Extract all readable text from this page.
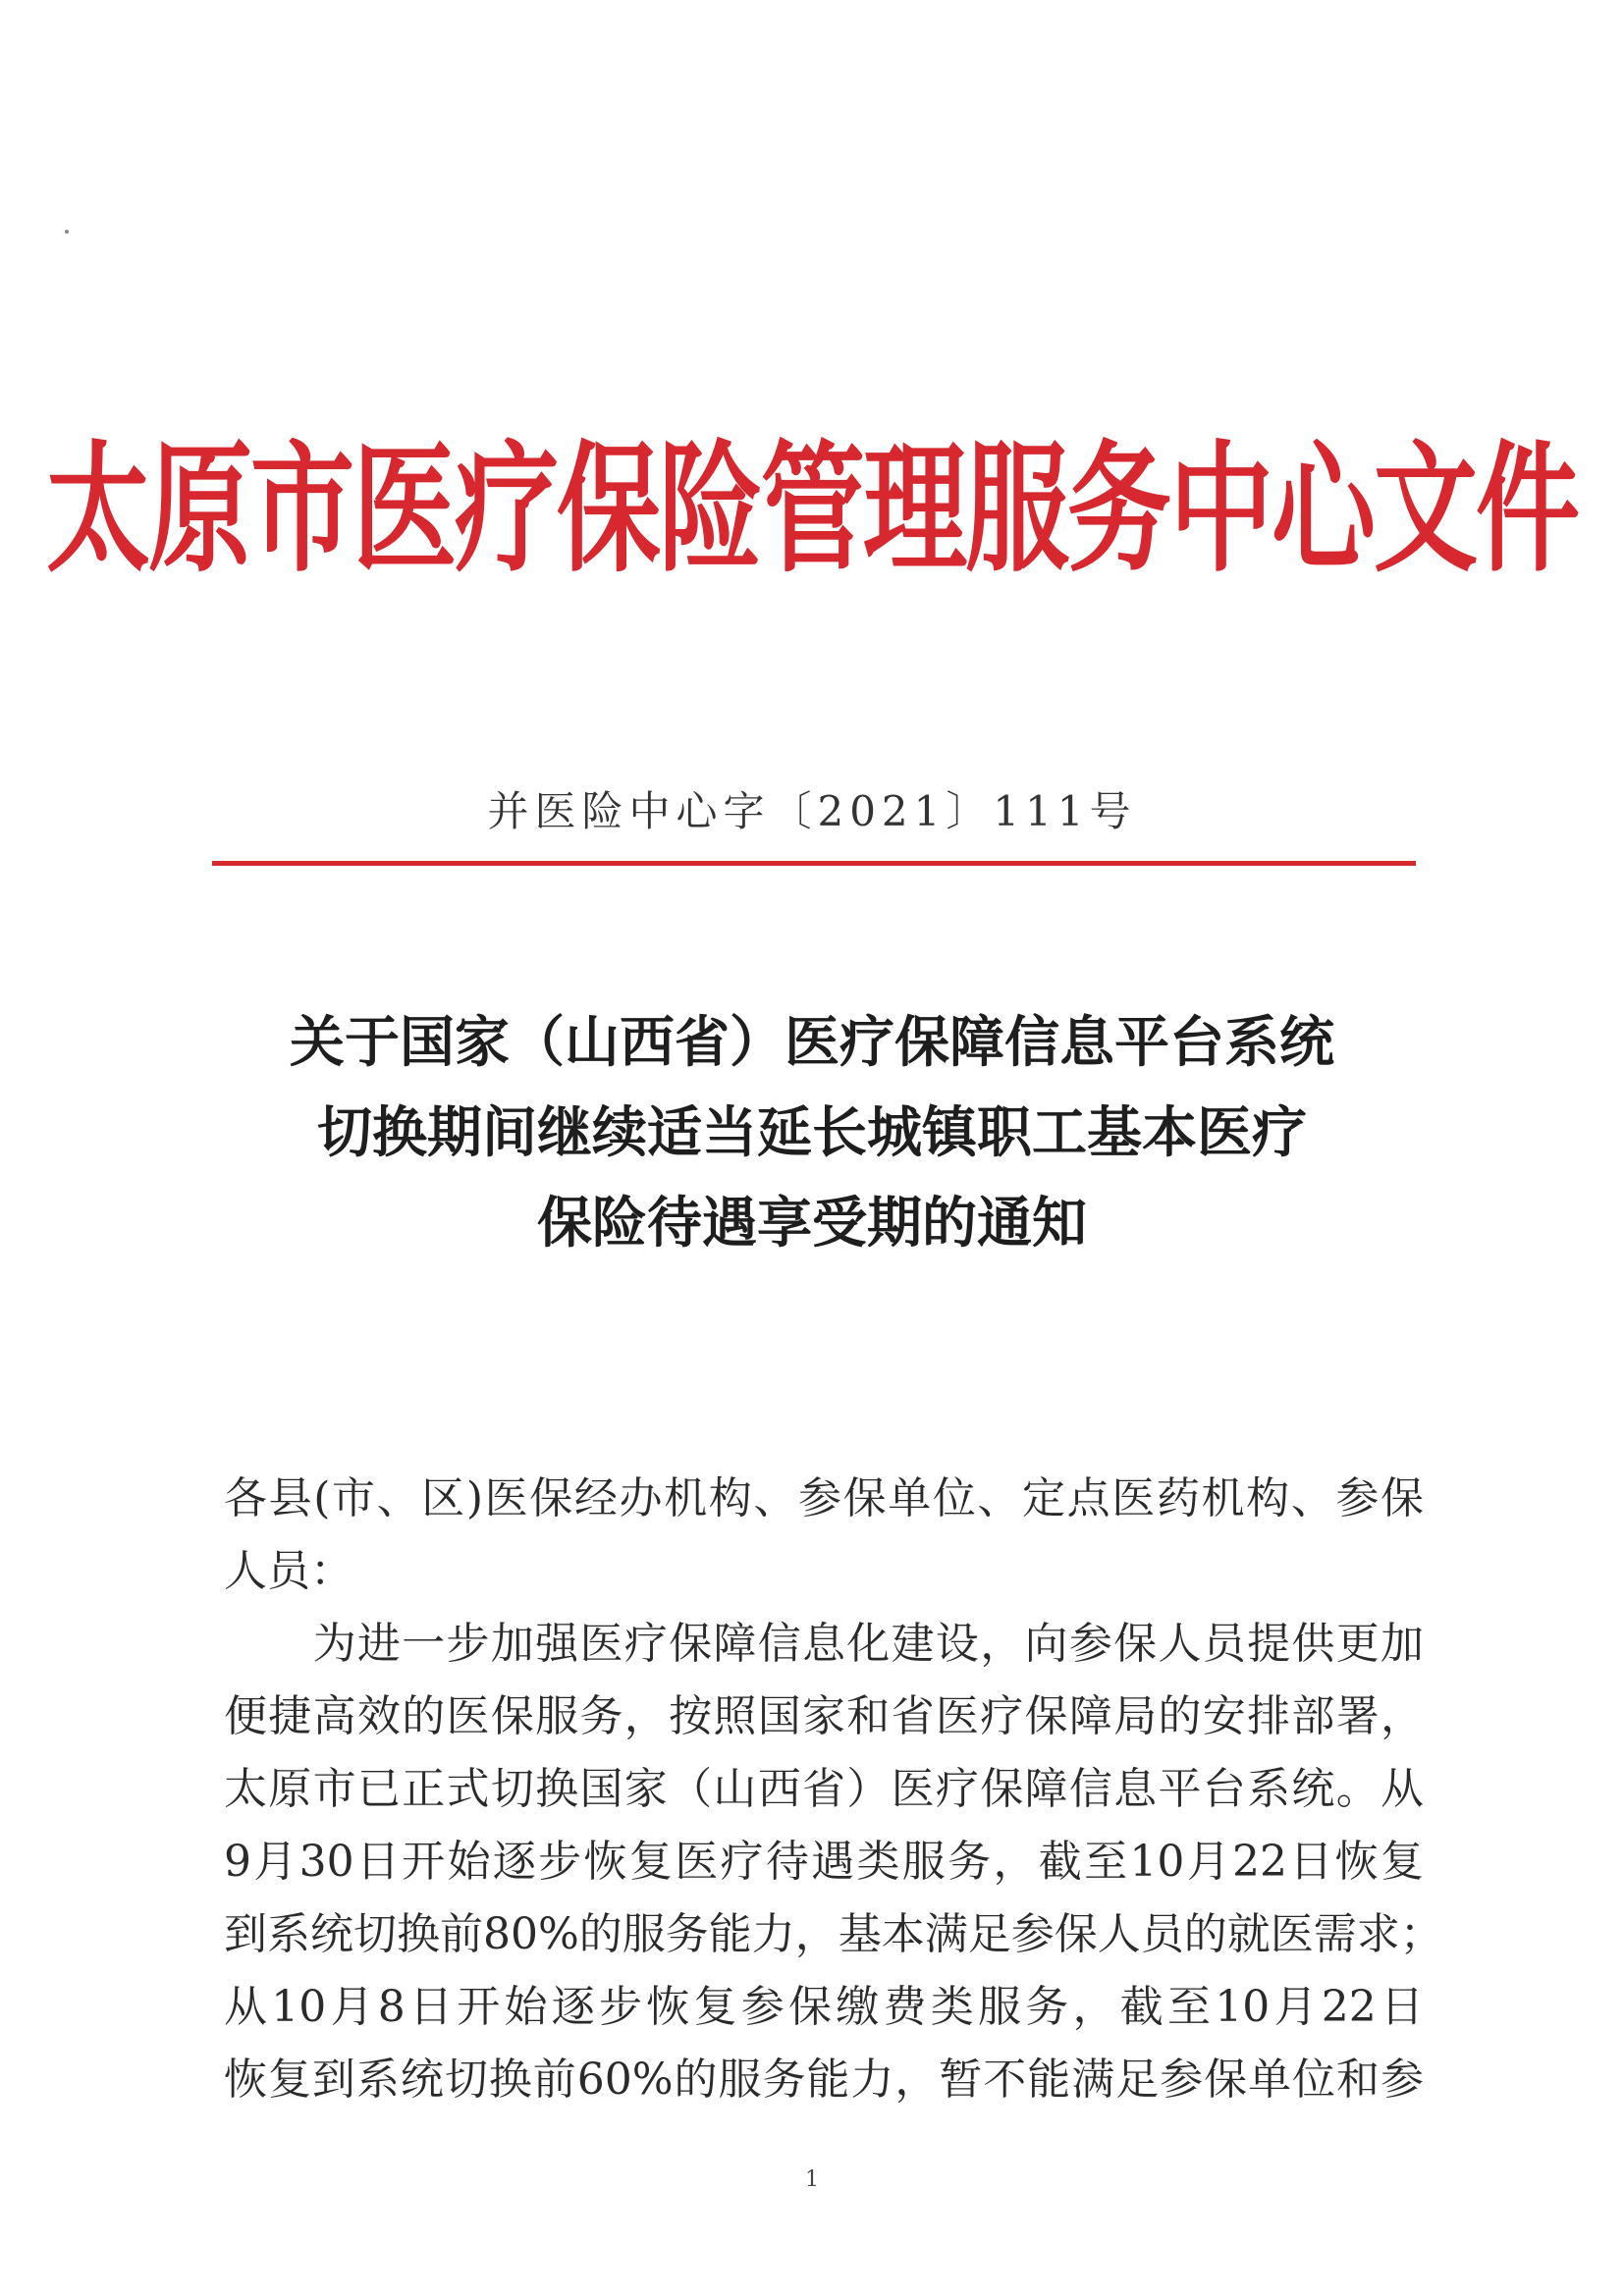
太原市医疗保险管理服务中心文件
并医险中心字〔2021〕111号
关于国家（山西省）医疗保障信息平台系统
切换期间继续适当延长城镇职工基本医疗
保险待遇享受期的通知
各县(市、区)医保经办机构、参保单位、定点医药机构、参保
人员：
　　为进一步加强医疗保障信息化建设，向参保人员提供更加
便捷高效的医保服务，按照国家和省医疗保障局的安排部署，
太原市已正式切换国家（山西省）医疗保障信息平台系统。从
9月30日开始逐步恢复医疗待遇类服务，截至10月22日恢复
到系统切换前80%的服务能力，基本满足参保人员的就医需求；
从10月8日开始逐步恢复参保缴费类服务，截至10月22日
恢复到系统切换前60%的服务能力，暂不能满足参保单位和参
1
